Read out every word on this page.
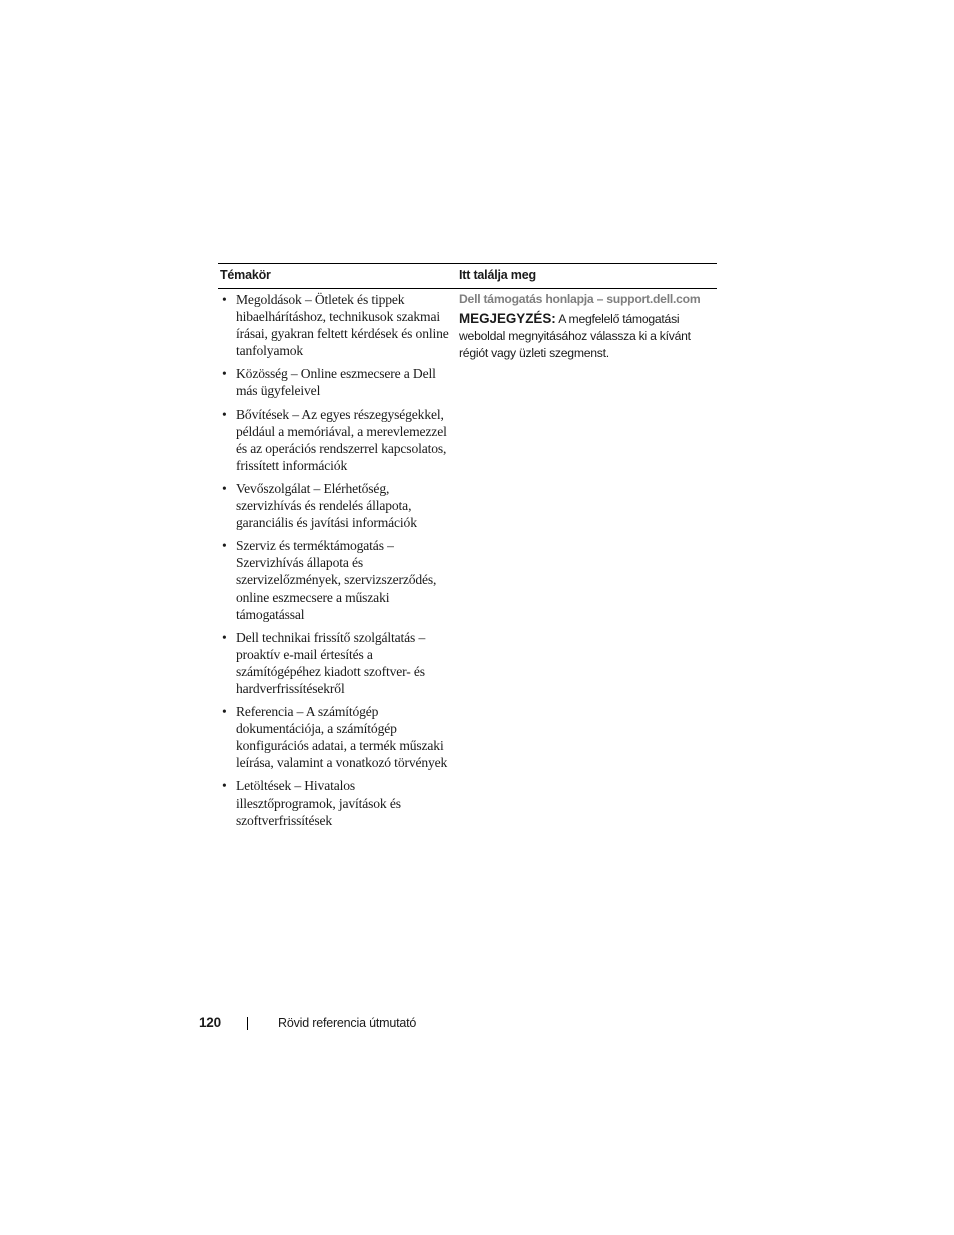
Témakör	Itt találja meg
• Megoldások – Ötletek és tippek hibaelhárításhoz, technikusok szakmai írásai, gyakran feltett kérdések és online tanfolyamok
• Közösség – Online eszmecsere a Dell más ügyfeleivel
• Bővítések – Az egyes részegységekkel, például a memóriával, a merevlemezzel és az operációs rendszerrel kapcsolatos, frissített információk
• Vevőszolgálat – Elérhetőség, szervizhívás és rendelés állapota, garanciális és javítási információk
• Szerviz és terméktámogatás – Szervizhívás állapota és szervizelőzmények, szervizszerződés, online eszmecsere a műszaki támogatással
• Dell technikai frissítő szolgáltatás – proaktív e-mail értesítés a számítógépéhez kiadott szoftver- és hardverfrissítésekről
• Referencia – A számítógép dokumentációja, a számítógép konfigurációs adatai, a termék műszaki leírása, valamint a vonatkozó törvények
• Letöltések – Hivatalos illesztőprogramok, javítások és szoftverfrissítések
Dell támogatás honlapja – support.dell.com
MEGJEGYZÉS: A megfelelő támogatási weboldal megnyitásához válassza ki a kívánt régiót vagy üzleti szegmenst.
120	Rövid referencia útmutató
